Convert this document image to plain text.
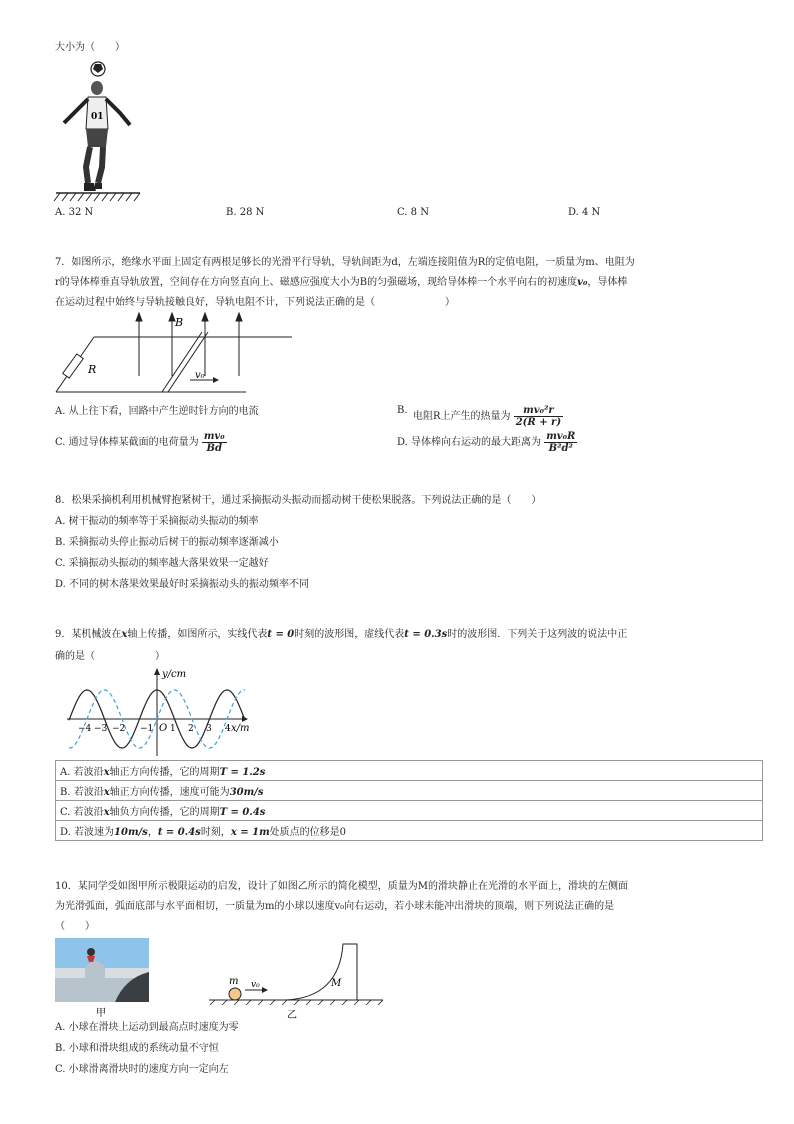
大小为（　　）
01
A. 32 N	B. 28 N	C. 8 N	D. 4 N
7．如图所示，绝缘水平面上固定有两根足够长的光滑平行导轨，导轨间距为d，左端连接阻值为R的定值电阻，一质量为m、电阻为
r的导体棒垂直导轨放置，空间存在方向竖直向上、磁感应强度大小为B的匀强磁场，现给导体棒一个水平向右的初速度v₀，导体棒
在运动过程中始终与导轨接触良好，导轨电阻不计，下列说法正确的是（　　　　　　　）
R
B
v₀
A. 从上往下看，回路中产生逆时针方向的电流	B.
电阻R上产生的热量为 $\frac{\text{mv₀²r}}{2(R + r)}$
C. 通过导体棒某截面的电荷量为 $\frac{\text{mv₀}}{Bd}$	D. 导体棒向右运动的最大距离为 $\frac{\text{mv₀R}}{\text{B²d²}}$
8．松果采摘机利用机械臂抱紧树干，通过采摘振动头振动而摇动树干使松果脱落。下列说法正确的是（　　）
A. 树干振动的频率等于采摘振动头振动的频率
B. 采摘振动头停止振动后树干的振动频率逐渐减小
C. 采摘振动头振动的频率越大落果效果一定越好
D. 不同的树木落果效果最好时采摘振动头的振动频率不同
9．某机械波在x轴上传播，如图所示，实线代表t = 0时刻的波形图，虚线代表t = 0.3s时的波形图．下列关于这列波的说法中正
确的是（　　　　　　）
y/cm
x/m
O
−4 −3 −2 −1 1 2 3 4
A. 若波沿x轴正方向传播，它的周期T = 1.2s
B. 若波沿x轴正方向传播，速度可能为30m/s
C. 若波沿x轴负方向传播，它的周期T = 0.4s
D. 若波速为10m/s，t = 0.4s时刻，x = 1m处质点的位移是0
10．某同学受如图甲所示极限运动的启发，设计了如图乙所示的简化模型，质量为M的滑块静止在光滑的水平面上，滑块的左侧面
为光滑弧面，弧面底部与水平面相切，一质量为m的小球以速度v₀向右运动，若小球未能冲出滑块的顶端，则下列说法正确的是
（　　）
甲
m v₀	M
乙
A. 小球在滑块上运动到最高点时速度为零
B. 小球和滑块组成的系统动量不守恒
C. 小球滑离滑块时的速度方向一定向左
